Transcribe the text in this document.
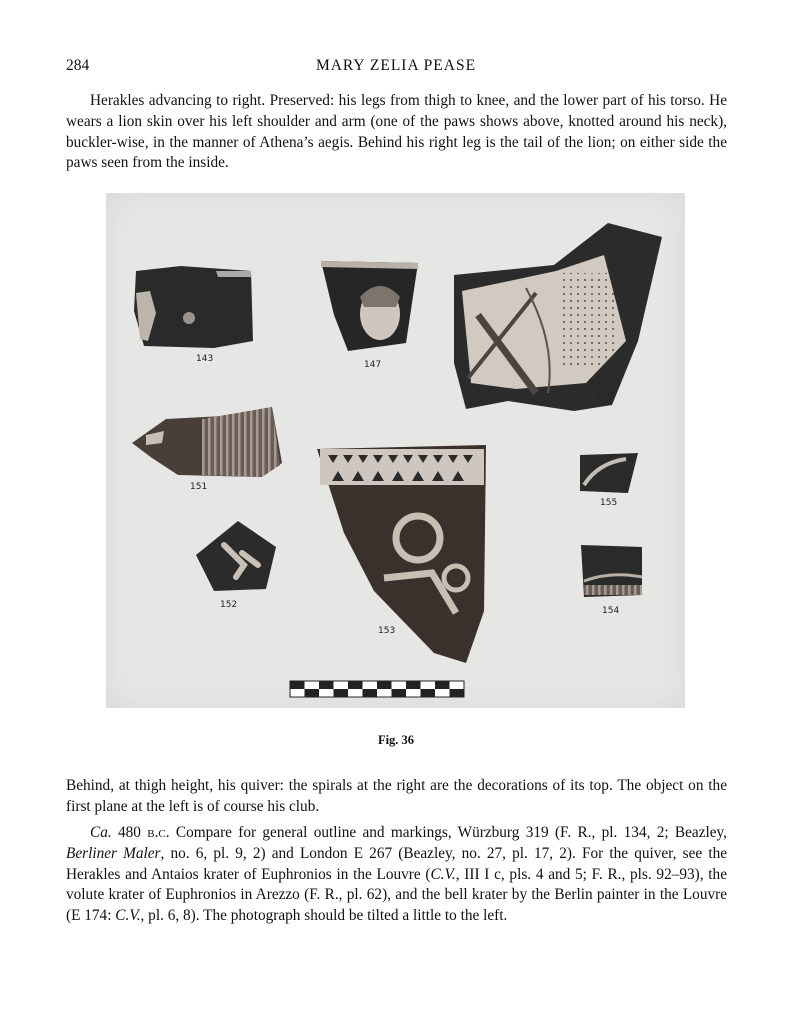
284	MARY ZELIA PEASE

Herakles advancing to right. Preserved: his legs from thigh to knee, and the lower part of his torso. He wears a lion skin over his left shoulder and arm (one of the paws shows above, knotted around his neck), buckler-wise, in the manner of Athena’s aegis. Behind his right leg is the tail of the lion; on either side the paws seen from the inside.

143
147
150
151
155
152
153
154
Fig. 36

Behind, at thigh height, his quiver: the spirals at the right are the decorations of its top. The object on the first plane at the left is of course his club.

Ca. 480 b.c. Compare for general outline and markings, Würzburg 319 (F. R., pl. 134, 2; Beazley, Berliner Maler, no. 6, pl. 9, 2) and London E 267 (Beazley, no. 27, pl. 17, 2). For the quiver, see the Herakles and Antaios krater of Euphronios in the Louvre (C.V., III I c, pls. 4 and 5; F. R., pls. 92–93), the volute krater of Euphronios in Arezzo (F. R., pl. 62), and the bell krater by the Berlin painter in the Louvre (E 174: C.V., pl. 6, 8). The photograph should be tilted a little to the left.
